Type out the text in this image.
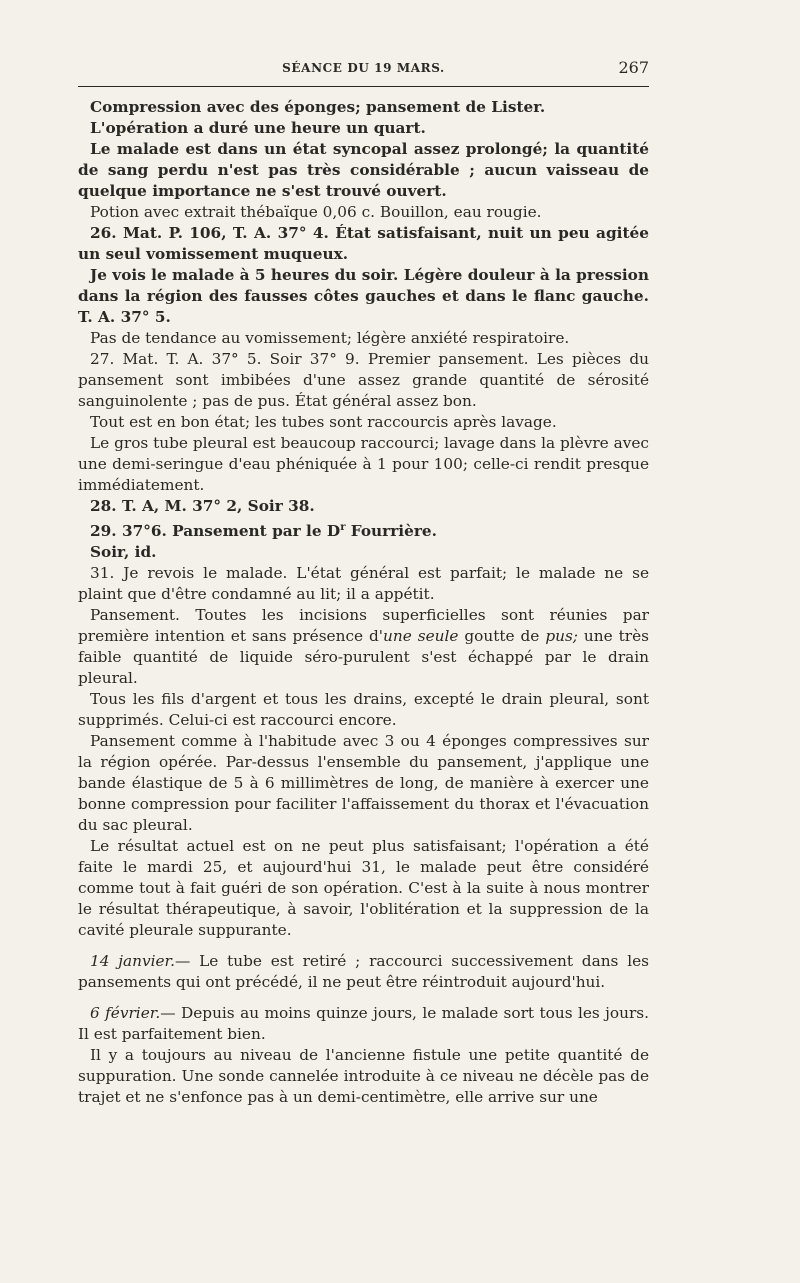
SÉANCE DU 19 MARS.	267

Compression avec des éponges; pansement de Lister.

L'opération a duré une heure un quart.

Le malade est dans un état syncopal assez prolongé; la quantité de sang perdu n'est pas très considérable ; aucun vaisseau de quelque importance ne s'est trouvé ouvert.

Potion avec extrait thébaïque 0,06 c. Bouillon, eau rougie.

26. Mat. P. 106, T. A. 37° 4. État satisfaisant, nuit un peu agitée un seul vomissement muqueux.

Je vois le malade à 5 heures du soir. Légère douleur à la pression dans la région des fausses côtes gauches et dans le flanc gauche. T. A. 37° 5.

Pas de tendance au vomissement; légère anxiété respiratoire.

27. Mat. T. A. 37° 5. Soir 37° 9. Premier pansement. Les pièces du pansement sont imbibées d'une assez grande quantité de sérosité sanguinolente ; pas de pus. État général assez bon.

Tout est en bon état; les tubes sont raccourcis après lavage.

Le gros tube pleural est beaucoup raccourci; lavage dans la plèvre avec une demi-seringue d'eau phéniquée à 1 pour 100; celle-ci rendit presque immédiatement.

28. T. A, M. 37° 2, Soir 38.

29. 37°6. Pansement par le $D^r$ Fourrière.

Soir, id.

31. Je revois le malade. L'état général est parfait; le malade ne se plaint que d'être condamné au lit; il a appétit.

Pansement. Toutes les incisions superficielles sont réunies par première intention et sans présence d'une seule goutte de pus; une très faible quantité de liquide séro-purulent s'est échappé par le drain pleural.

Tous les fils d'argent et tous les drains, excepté le drain pleural, sont supprimés. Celui-ci est raccourci encore.

Pansement comme à l'habitude avec 3 ou 4 éponges compressives sur la région opérée. Par-dessus l'ensemble du pansement, j'applique une bande élastique de 5 à 6 millimètres de long, de manière à exercer une bonne compression pour faciliter l'affaissement du thorax et l'évacuation du sac pleural.

Le résultat actuel est on ne peut plus satisfaisant; l'opération a été faite le mardi 25, et aujourd'hui 31, le malade peut être considéré comme tout à fait guéri de son opération. C'est à la suite à nous montrer le résultat thérapeutique, à savoir, l'oblitération et la suppression de la cavité pleurale suppurante.

14 janvier.— Le tube est retiré ; raccourci successivement dans les pansements qui ont précédé, il ne peut être réintroduit aujourd'hui.

6 février.— Depuis au moins quinze jours, le malade sort tous les jours. Il est parfaitement bien.

Il y a toujours au niveau de l'ancienne fistule une petite quantité de suppuration. Une sonde cannelée introduite à ce niveau ne décèle pas de trajet et ne s'enfonce pas à un demi-centimètre, elle arrive sur une
